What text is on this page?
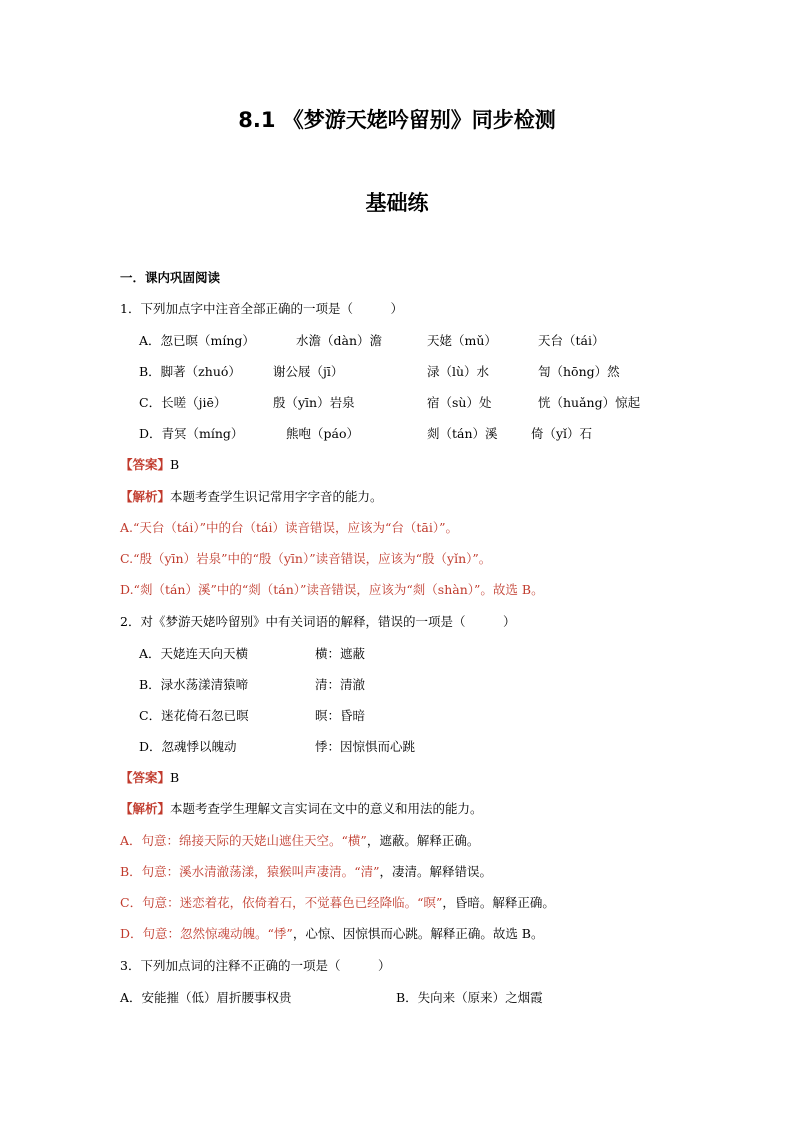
8.1 《梦游天姥吟留别》同步检测
基础练
一．课内巩固阅读
1．下列加点字中注音全部正确的一项是（　　　）
A．忽已暝（míng）	水澹（dàn）澹	天姥（mǔ）	天台（tái）
B．脚著（zhuó）	谢公屐（jī）	渌（lù）水	訇（hōng）然
C．长嗟（jiē）	殷（yīn）岩泉	宿（sù）处	恍（huǎng）惊起
D．青冥（míng）	熊咆（páo）	剡（tán）溪	倚（yǐ）石
【答案】B
【解析】本题考查学生识记常用字字音的能力。
A.“天台（tái）”中的台（tái）读音错误，应该为“台（tāi）”。
C.“殷（yīn）岩泉”中的“殷（yīn）”读音错误，应该为“殷（yǐn）”。
D.“剡（tán）溪”中的“剡（tán）”读音错误，应该为“剡（shàn）”。故选 B。
2．对《梦游天姥吟留别》中有关词语的解释，错误的一项是（　　　）
A．天姥连天向天横	横：遮蔽
B．渌水荡漾清猿啼	清：清澈
C．迷花倚石忽已暝	暝：昏暗
D．忽魂悸以魄动	悸：因惊惧而心跳
【答案】B
【解析】本题考查学生理解文言实词在文中的意义和用法的能力。
A．句意：绵接天际的天姥山遮住天空。“横”，遮蔽。解释正确。
B．句意：溪水清澈荡漾，猿猴叫声凄清。“清”，凄清。解释错误。
C．句意：迷恋着花，依倚着石，不觉暮色已经降临。“暝”，昏暗。解释正确。
D．句意：忽然惊魂动魄。“悸”，心惊、因惊惧而心跳。解释正确。故选 B。
3．下列加点词的注释不正确的一项是（　　　）
A．安能摧（低）眉折腰事权贵	B．失向来（原来）之烟霞
